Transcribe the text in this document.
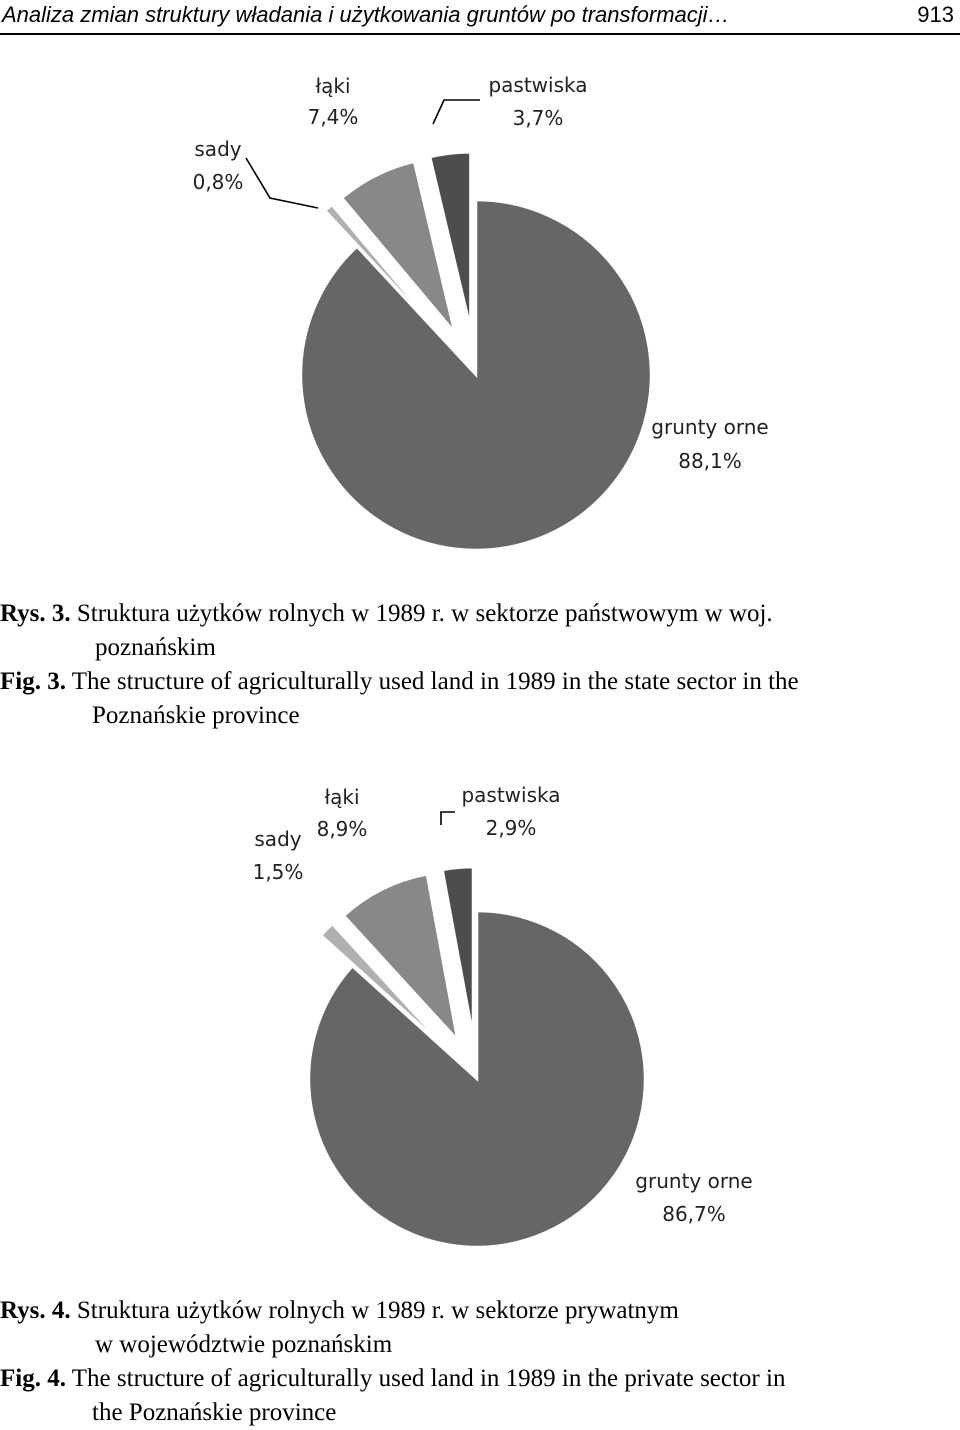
Analiza zmian struktury władania i użytkowania gruntów po transformacji…	913
grunty orne
88,1%
sady
0,8%
łąki
7,4%
pastwiska
3,7%
Rys. 3. Struktura użytków rolnych w 1989 r. w sektorze państwowym w woj.
poznańskim
Fig. 3. The structure of agriculturally used land in 1989 in the state sector in the
Poznańskie province
grunty orne
86,7%
sady
1,5%
łąki
8,9%
pastwiska
2,9%
Rys. 4. Struktura użytków rolnych w 1989 r. w sektorze prywatnym
w województwie poznańskim
Fig. 4. The structure of agriculturally used land in 1989 in the private sector in
the Poznańskie province
